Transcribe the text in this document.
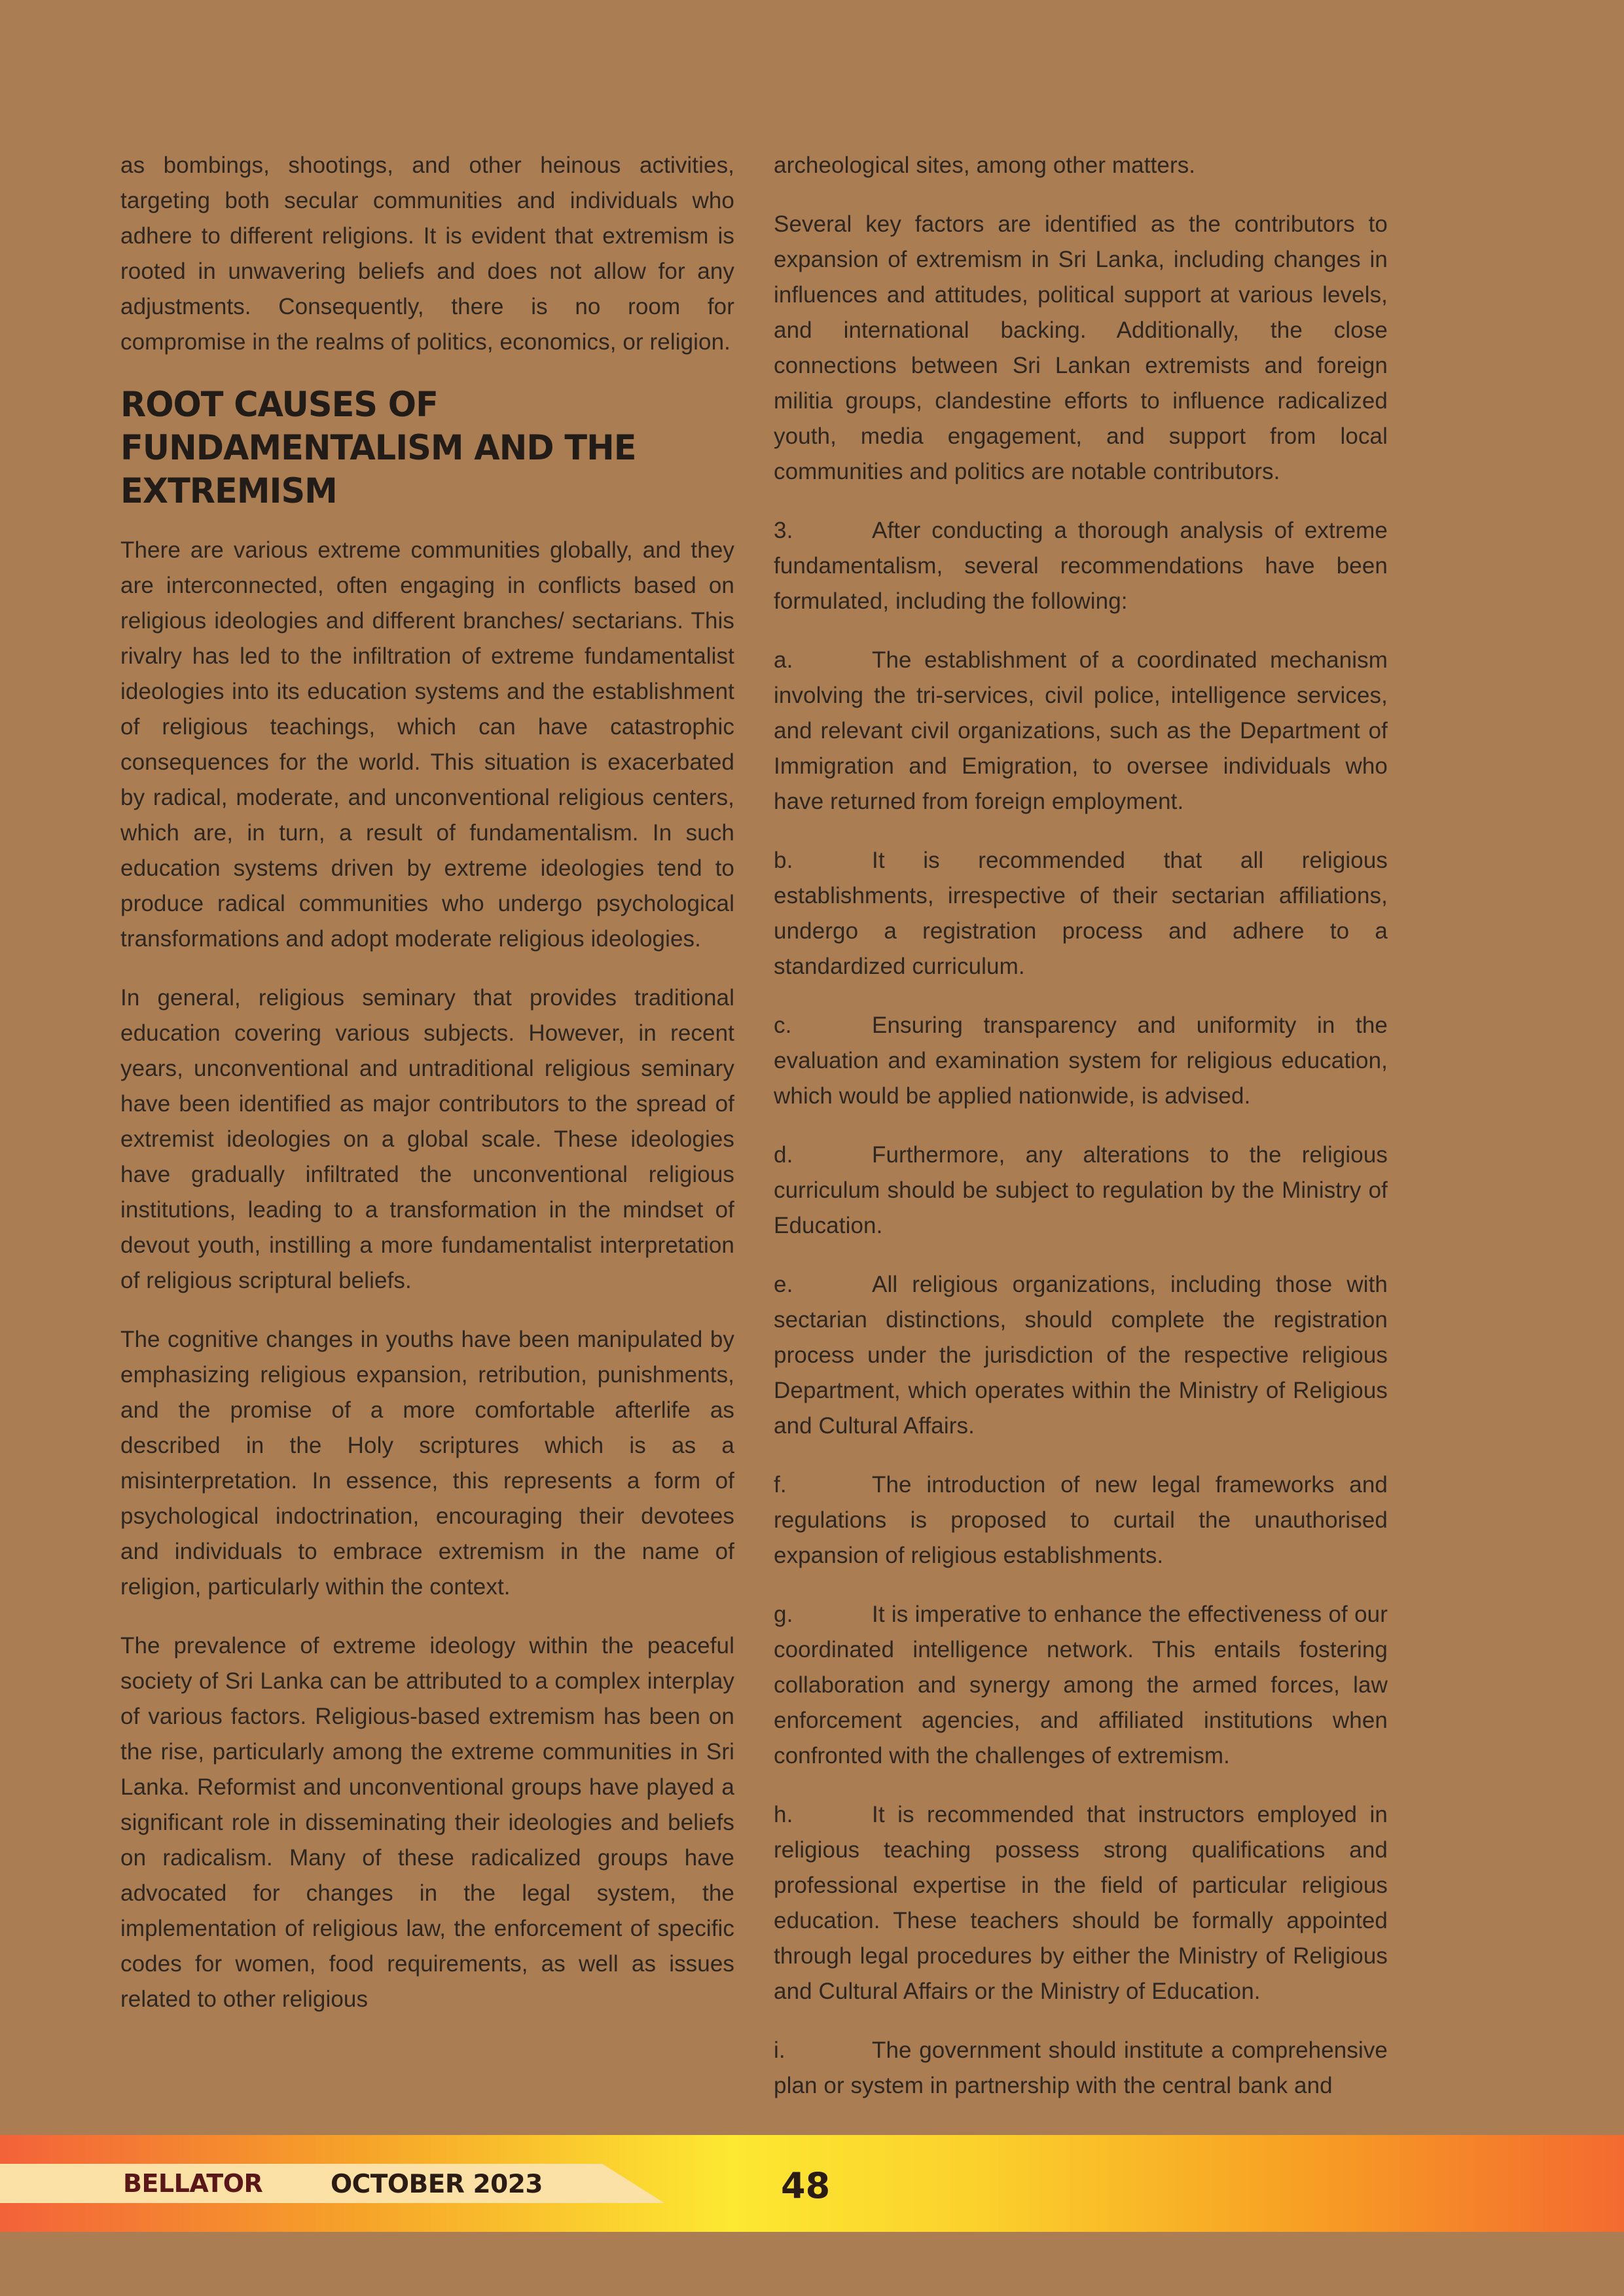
as bombings, shootings, and other heinous activities, targeting both secular communities and individuals who adhere to different religions. It is evident that extremism is rooted in unwavering beliefs and does not allow for any adjustments. Consequently, there is no room for compromise in the realms of politics, economics, or religion.

ROOT CAUSES OF FUNDAMENTALISM AND THE EXTREMISM

There are various extreme communities globally, and they are interconnected, often engaging in conflicts based on religious ideologies and different branches/ sectarians. This rivalry has led to the infiltration of extreme fundamentalist ideologies into its education systems and the establishment of religious teachings, which can have catastrophic consequences for the world. This situation is exacerbated by radical, moderate, and unconventional religious centers, which are, in turn, a result of fundamentalism. In such education systems driven by extreme ideologies tend to produce radical communities who undergo psychological transformations and adopt moderate religious ideologies.

In general, religious seminary that provides traditional education covering various subjects. However, in recent years, unconventional and untraditional religious seminary have been identified as major contributors to the spread of extremist ideologies on a global scale. These ideologies have gradually infiltrated the unconventional religious institutions, leading to a transformation in the mindset of devout youth, instilling a more fundamentalist interpretation of religious scriptural beliefs.

The cognitive changes in youths have been manipulated by emphasizing religious expansion, retribution, punishments, and the promise of a more comfortable afterlife as described in the Holy scriptures which is as a misinterpretation. In essence, this represents a form of psychological indoctrination, encouraging their devotees and individuals to embrace extremism in the name of religion, particularly within the context.

The prevalence of extreme ideology within the peaceful society of Sri Lanka can be attributed to a complex interplay of various factors. Religious-based extremism has been on the rise, particularly among the extreme communities in Sri Lanka. Reformist and unconventional groups have played a significant role in disseminating their ideologies and beliefs on radicalism. Many of these radicalized groups have advocated for changes in the legal system, the implementation of religious law, the enforcement of specific codes for women, food requirements, as well as issues related to other religious

archeological sites, among other matters.

Several key factors are identified as the contributors to expansion of extremism in Sri Lanka, including changes in influences and attitudes, political support at various levels, and international backing. Additionally, the close connections between Sri Lankan extremists and foreign militia groups, clandestine efforts to influence radicalized youth, media engagement, and support from local communities and politics are notable contributors.

3.	After conducting a thorough analysis of extreme fundamentalism, several recommendations have been formulated, including the following:

a.	The establishment of a coordinated mechanism involving the tri-services, civil police, intelligence services, and relevant civil organizations, such as the Department of Immigration and Emigration, to oversee individuals who have returned from foreign employment.

b.	It is recommended that all religious establishments, irrespective of their sectarian affiliations, undergo a registration process and adhere to a standardized curriculum.

c.	Ensuring transparency and uniformity in the evaluation and examination system for religious education, which would be applied nationwide, is advised.

d.	Furthermore, any alterations to the religious curriculum should be subject to regulation by the Ministry of Education.

e.	All religious organizations, including those with sectarian distinctions, should complete the registration process under the jurisdiction of the respective religious Department, which operates within the Ministry of Religious and Cultural Affairs.

f.	The introduction of new legal frameworks and regulations is proposed to curtail the unauthorised expansion of religious establishments.

g.	It is imperative to enhance the effectiveness of our coordinated intelligence network. This entails fostering collaboration and synergy among the armed forces, law enforcement agencies, and affiliated institutions when confronted with the challenges of extremism.

h.	It is recommended that instructors employed in religious teaching possess strong qualifications and professional expertise in the field of particular religious education. These teachers should be formally appointed through legal procedures by either the Ministry of Religious and Cultural Affairs or the Ministry of Education.

i.	The government should institute a comprehensive plan or system in partnership with the central bank and

BELLATOR	OCTOBER 2023	48
